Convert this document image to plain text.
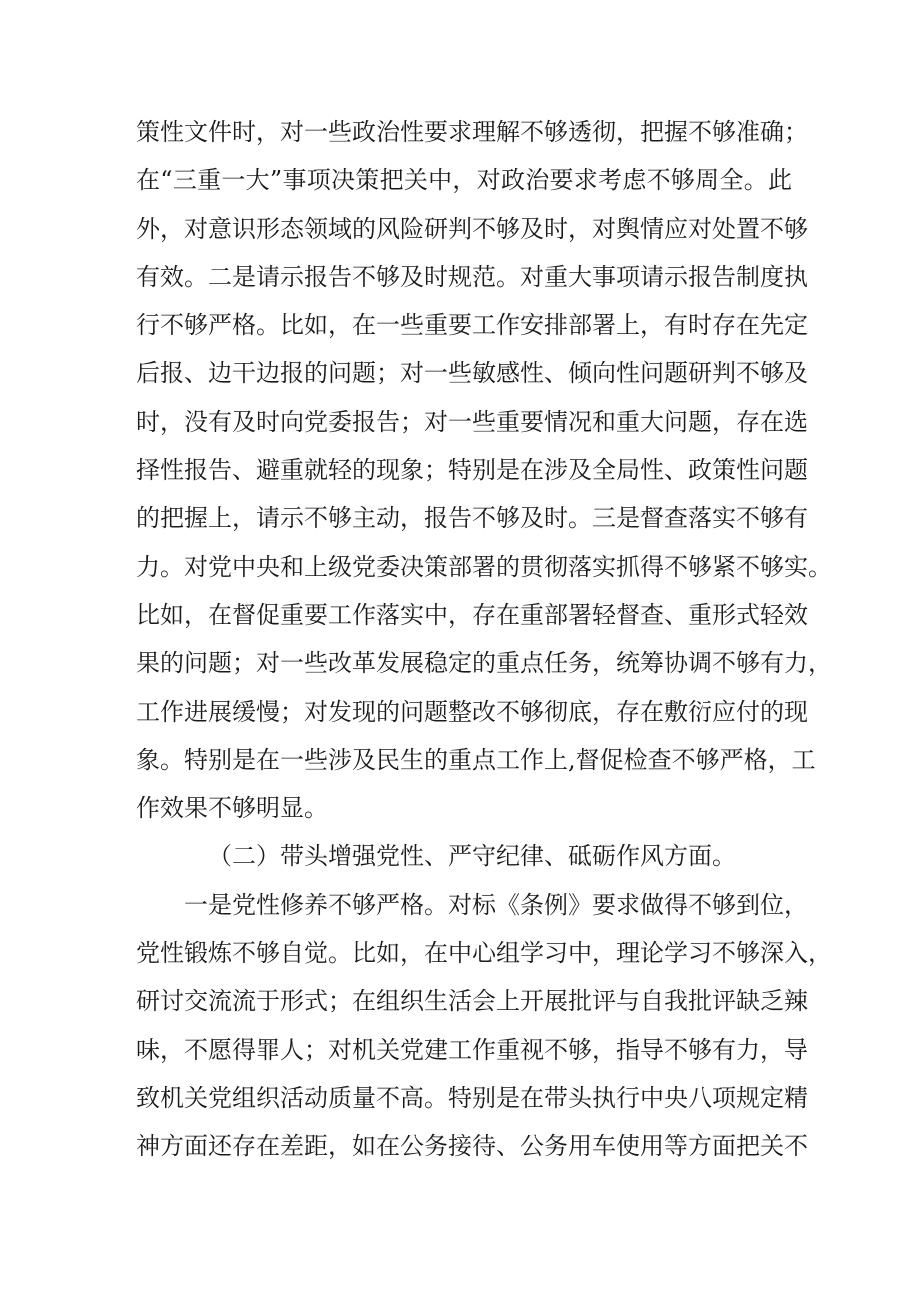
策性文件时，对一些政治性要求理解不够透彻，把握不够准确；
在“三重一大”事项决策把关中，对政治要求考虑不够周全。此
外，对意识形态领域的风险研判不够及时，对舆情应对处置不够
有效。二是请示报告不够及时规范。对重大事项请示报告制度执
行不够严格。比如，在一些重要工作安排部署上，有时存在先定
后报、边干边报的问题；对一些敏感性、倾向性问题研判不够及
时，没有及时向党委报告；对一些重要情况和重大问题，存在选
择性报告、避重就轻的现象；特别是在涉及全局性、政策性问题
的把握上，请示不够主动，报告不够及时。三是督查落实不够有
力。对党中央和上级党委决策部署的贯彻落实抓得不够紧不够实。
比如，在督促重要工作落实中，存在重部署轻督查、重形式轻效
果的问题；对一些改革发展稳定的重点任务，统筹协调不够有力，
工作进展缓慢；对发现的问题整改不够彻底，存在敷衍应付的现
象。特别是在一些涉及民生的重点工作上,督促检查不够严格，工
作效果不够明显。
（二）带头增强党性、严守纪律、砥砺作风方面。
一是党性修养不够严格。对标《条例》要求做得不够到位，
党性锻炼不够自觉。比如，在中心组学习中，理论学习不够深入，
研讨交流流于形式；在组织生活会上开展批评与自我批评缺乏辣
味，不愿得罪人；对机关党建工作重视不够，指导不够有力，导
致机关党组织活动质量不高。特别是在带头执行中央八项规定精
神方面还存在差距，如在公务接待、公务用车使用等方面把关不
